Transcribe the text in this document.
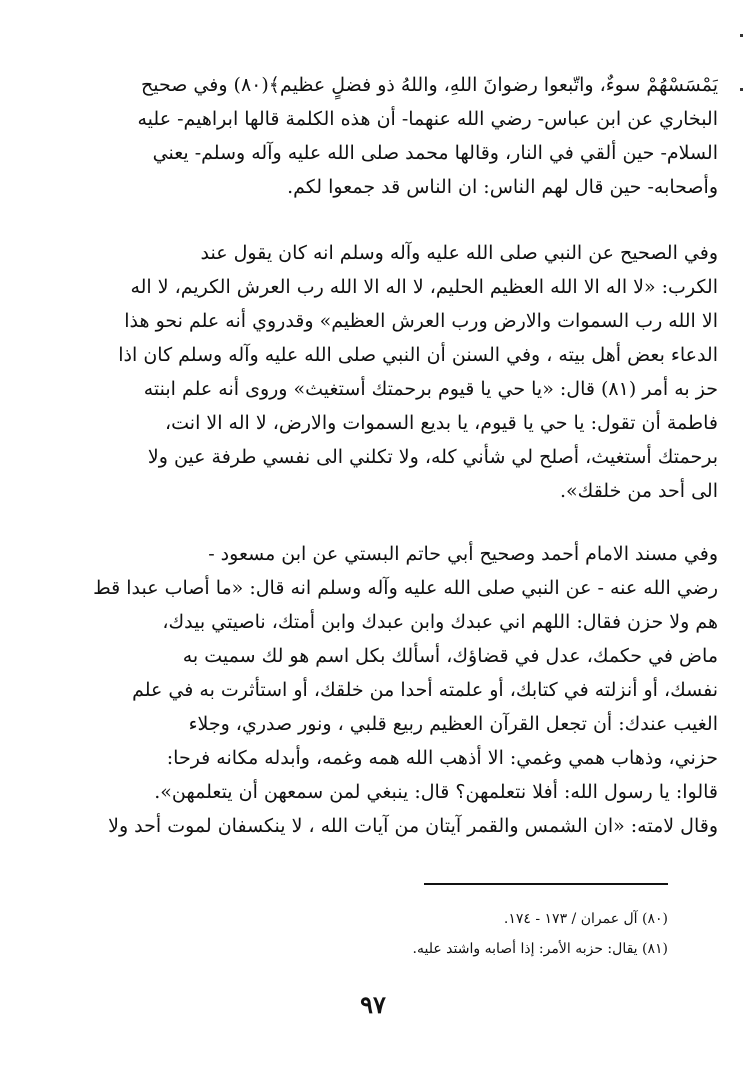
يَمْسَسْهُمْ سوءٌ، واتّبعوا رضوانَ اللهِ، واللهُ ذو فضلٍ عظيم﴾(٨٠) وفي صحيح
البخاري عن ابن عباس- رضي الله عنهما- أن هذه الكلمة قالها ابراهيم- عليه
السلام- حين ألقي في النار، وقالها محمد صلى الله عليه وآله وسلم- يعني
وأصحابه- حين قال لهم الناس: ان الناس قد جمعوا لكم.
وفي الصحيح عن النبي صلى الله عليه وآله وسلم انه كان يقول عند
الكرب: «لا اله الا الله العظيم الحليم، لا اله الا الله رب العرش الكريم، لا اله
الا الله رب السموات والارض ورب العرش العظيم» وقدروي أنه علم نحو هذا
الدعاء بعض أهل بيته ، وفي السنن أن النبي صلى الله عليه وآله وسلم كان اذا
حز به أمر (٨١) قال: «يا حي يا قيوم برحمتك أستغيث» وروى أنه علم ابنته
فاطمة أن تقول: يا حي يا قيوم، يا بديع السموات والارض، لا اله الا انت،
برحمتك أستغيث، أصلح لي شأني كله، ولا تكلني الى نفسي طرفة عين ولا
الى أحد من خلقك».
وفي مسند الامام أحمد وصحيح أبي حاتم البستي عن ابن مسعود -
رضي الله عنه - عن النبي صلى الله عليه وآله وسلم انه قال: «ما أصاب عبدا قط
هم ولا حزن فقال: اللهم اني عبدك وابن عبدك وابن أمتك، ناصيتي بيدك،
ماض في حكمك، عدل في قضاؤك، أسألك بكل اسم هو لك سميت به
نفسك، أو أنزلته في كتابك، أو علمته أحدا من خلقك، أو استأثرت به في علم
الغيب عندك: أن تجعل القرآن العظيم ربيع قلبي ، ونور صدري، وجلاء
حزني، وذهاب همي وغمي: الا أذهب الله همه وغمه، وأبدله مكانه فرحا:
قالوا: يا رسول الله: أفلا نتعلمهن؟ قال: ينبغي لمن سمعهن أن يتعلمهن».
وقال لامته: «ان الشمس والقمر آيتان من آيات الله ، لا ينكسفان لموت أحد ولا
(٨٠) آل عمران / ١٧٣ - ١٧٤.
(٨١) يقال: حزبه الأمر: إذا أصابه واشتد عليه.
٩٧
